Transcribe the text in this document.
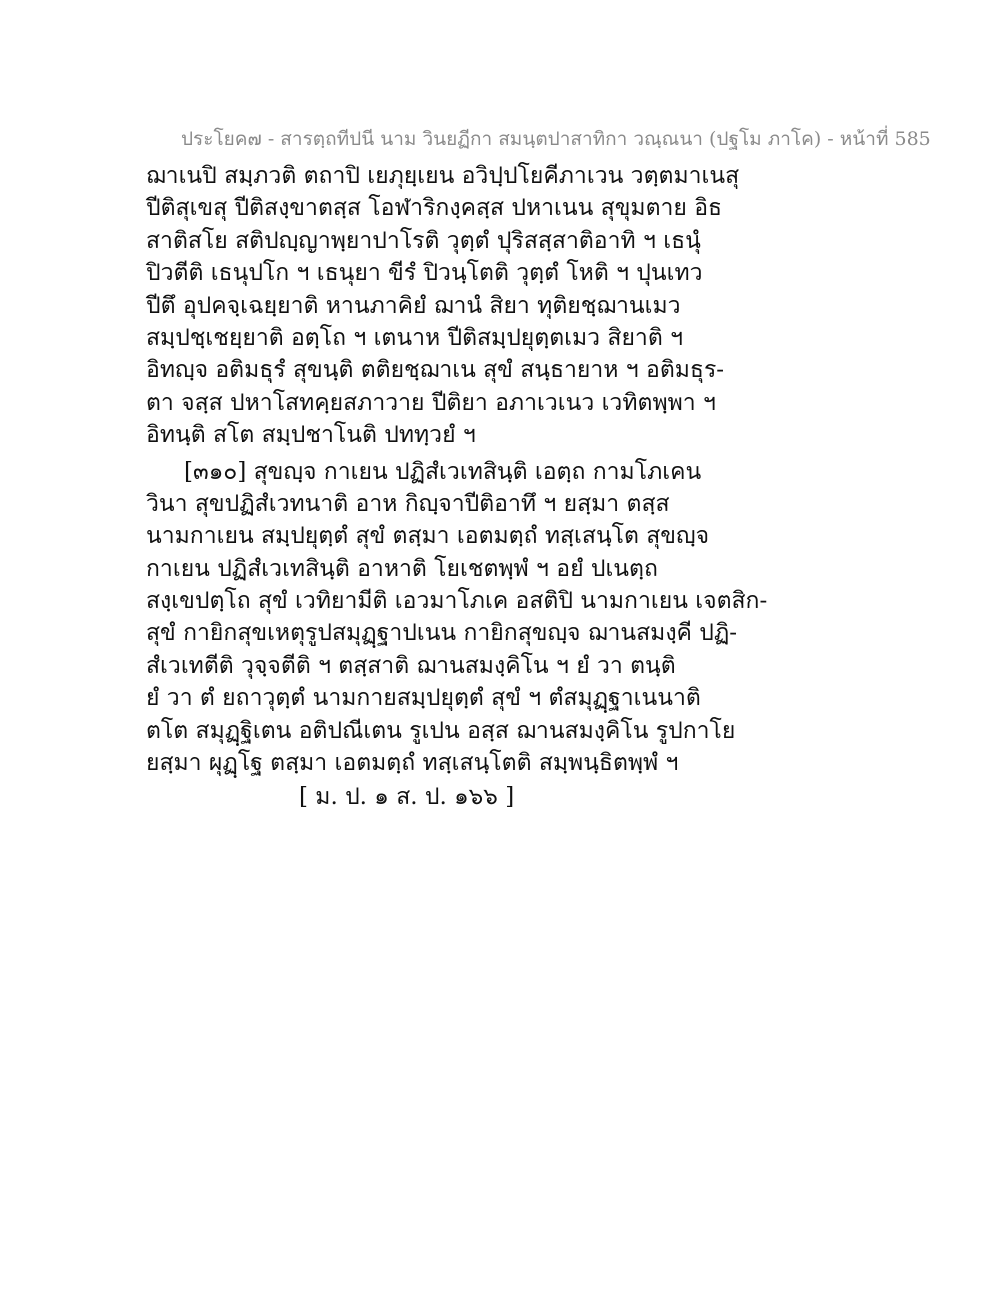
ประโยค๗ - สารตฺถทีปนี นาม วินยฏีกา สมนฺตปาสาทิกา วณฺณนา (ปฐโม ภาโค) - หน้าที่ 585
ฌาเนปิ สมฺภวติ ตถาปิ เยภุยฺเยน อวิปฺปโยคีภาเวน วตฺตมาเนสุ
ปีติสุเขสุ ปีติสงฺขาตสฺส โอฬาริกงฺคสฺส ปหาเนน สุขุมตาย อิธ
สาติสโย สติปญฺญาพฺยาปาโรติ วุตฺตํ ปุริสสฺสาติอาทิ ฯ เธนุํ
ปิวตีติ เธนุปโก ฯ เธนุยา ขีรํ ปิวนฺโตติ วุตฺตํ โหติ ฯ ปุนเทว
ปีตึ อุปคจฺเฉยฺยาติ หานภาคิยํ ฌานํ สิยา ทุติยชฺฌานเมว
สมฺปชฺเชยฺยาติ อตฺโถ ฯ เตนาห ปีติสมฺปยุตฺตเมว สิยาติ ฯ
อิทญฺจ อติมธุรํ สุขนฺติ ตติยชฺฌาเน สุขํ สนฺธายาห ฯ อติมธุร-
ตา จสฺส ปหาโสทคฺยสภาวาย ปีติยา อภาเวเนว เวทิตพฺพา ฯ
อิทนฺติ สโต สมฺปชาโนติ ปททฺวยํ ฯ
[๓๑๐] สุขญฺจ กาเยน ปฏิสํเวเทสินฺติ เอตฺถ กามโภเคน
วินา สุขปฏิสํเวทนาติ อาห กิญฺจาปีติอาทึ ฯ ยสฺมา ตสฺส
นามกาเยน สมฺปยุตฺตํ สุขํ ตสฺมา เอตมตฺถํ ทสฺเสนฺโต สุขญฺจ
กาเยน ปฏิสํเวเทสินฺติ อาหาติ โยเชตพฺพํ ฯ อยํ ปเนตฺถ
สงฺเขปตฺโถ สุขํ เวทิยามีติ เอวมาโภเค อสติปิ นามกาเยน เจตสิก-
สุขํ กายิกสุขเหตุรูปสมุฏฺฐาปเนน กายิกสุขญฺจ ฌานสมงฺคี ปฏิ-
สํเวเทตีติ วุจฺจตีติ ฯ ตสฺสาติ ฌานสมงฺคิโน ฯ ยํ วา ตนฺติ
ยํ วา ตํ ยถาวุตฺตํ นามกายสมฺปยุตฺตํ สุขํ ฯ ตํสมุฏฺฐาเนนาติ
ตโต สมุฏฺฐิเตน อติปณีเตน รูเปน อสฺส ฌานสมงฺคิโน รูปกาโย
ยสฺมา ผุฏฺโฐ ตสฺมา เอตมตฺถํ ทสฺเสนฺโตติ สมฺพนฺธิตพฺพํ ฯ
[ ม. ป. ๑ ส. ป. ๑๖๖ ]
